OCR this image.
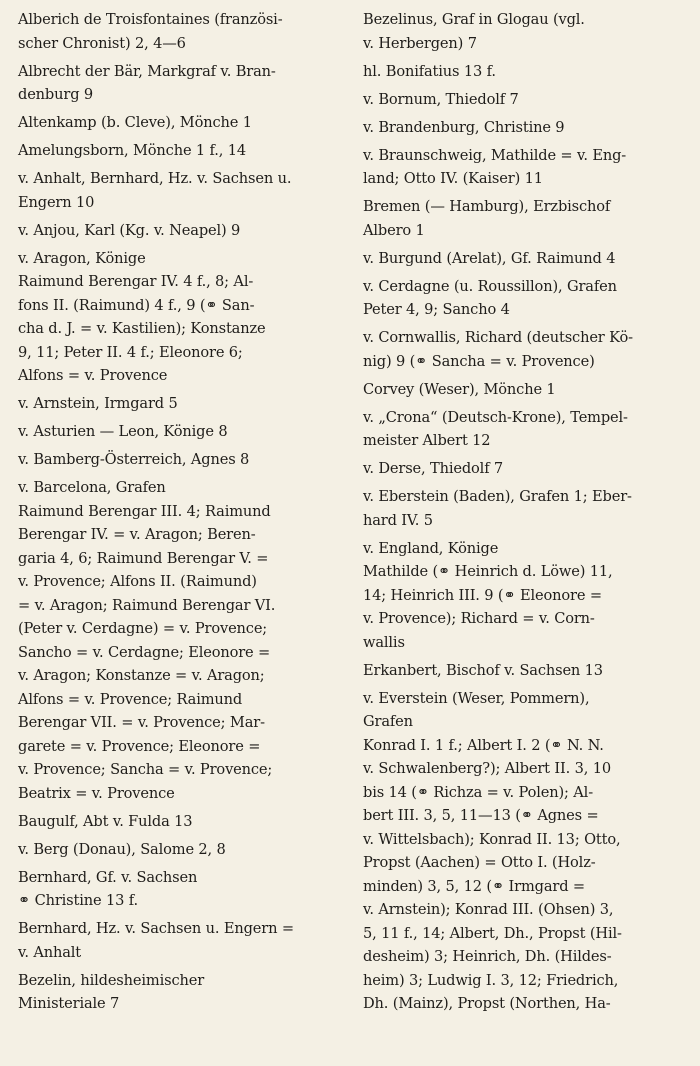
Alberich de Troisfontaines (französi-
scher Chronist) 2, 4—6
Albrecht der Bär, Markgraf v. Bran-
denburg 9
Altenkamp (b. Cleve), Mönche 1
Amelungsborn, Mönche 1 f., 14
v. Anhalt, Bernhard, Hz. v. Sachsen u.
Engern 10
v. Anjou, Karl (Kg. v. Neapel) 9
v. Aragon, Könige
Raimund Berengar IV. 4 f., 8; Al-
fons II. (Raimund) 4 f., 9 (⚭ San-
cha d. J. = v. Kastilien); Konstanze
9, 11; Peter II. 4 f.; Eleonore 6;
Alfons = v. Provence
v. Arnstein, Irmgard 5
v. Asturien — Leon, Könige 8
v. Bamberg-Österreich, Agnes 8
v. Barcelona, Grafen
Raimund Berengar III. 4; Raimund
Berengar IV. = v. Aragon; Beren-
garia 4, 6; Raimund Berengar V. =
v. Provence; Alfons II. (Raimund)
= v. Aragon; Raimund Berengar VI.
(Peter v. Cerdagne) = v. Provence;
Sancho = v. Cerdagne; Eleonore =
v. Aragon; Konstanze = v. Aragon;
Alfons = v. Provence; Raimund
Berengar VII. = v. Provence; Mar-
garete = v. Provence; Eleonore =
v. Provence; Sancha = v. Provence;
Beatrix = v. Provence
Baugulf, Abt v. Fulda 13
v. Berg (Donau), Salome 2, 8
Bernhard, Gf. v. Sachsen
⚭ Christine 13 f.
Bernhard, Hz. v. Sachsen u. Engern =
v. Anhalt
Bezelin, hildesheimischer
Ministeriale 7
Bezelinus, Graf in Glogau (vgl.
v. Herbergen) 7
hl. Bonifatius 13 f.
v. Bornum, Thiedolf 7
v. Brandenburg, Christine 9
v. Braunschweig, Mathilde = v. Eng-
land; Otto IV. (Kaiser) 11
Bremen (— Hamburg), Erzbischof
Albero 1
v. Burgund (Arelat), Gf. Raimund 4
v. Cerdagne (u. Roussillon), Grafen
Peter 4, 9; Sancho 4
v. Cornwallis, Richard (deutscher Kö-
nig) 9 (⚭ Sancha = v. Provence)
Corvey (Weser), Mönche 1
v. „Crona“ (Deutsch-Krone), Tempel-
meister Albert 12
v. Derse, Thiedolf 7
v. Eberstein (Baden), Grafen 1; Eber-
hard IV. 5
v. England, Könige
Mathilde (⚭ Heinrich d. Löwe) 11,
14; Heinrich III. 9 (⚭ Eleonore =
v. Provence); Richard = v. Corn-
wallis
Erkanbert, Bischof v. Sachsen 13
v. Everstein (Weser, Pommern),
Grafen
Konrad I. 1 f.; Albert I. 2 (⚭ N. N.
v. Schwalenberg?); Albert II. 3, 10
bis 14 (⚭ Richza = v. Polen); Al-
bert III. 3, 5, 11—13 (⚭ Agnes =
v. Wittelsbach); Konrad II. 13; Otto,
Propst (Aachen) = Otto I. (Holz-
minden) 3, 5, 12 (⚭ Irmgard =
v. Arnstein); Konrad III. (Ohsen) 3,
5, 11 f., 14; Albert, Dh., Propst (Hil-
desheim) 3; Heinrich, Dh. (Hildes-
heim) 3; Ludwig I. 3, 12; Friedrich,
Dh. (Mainz), Propst (Northen, Ha-
